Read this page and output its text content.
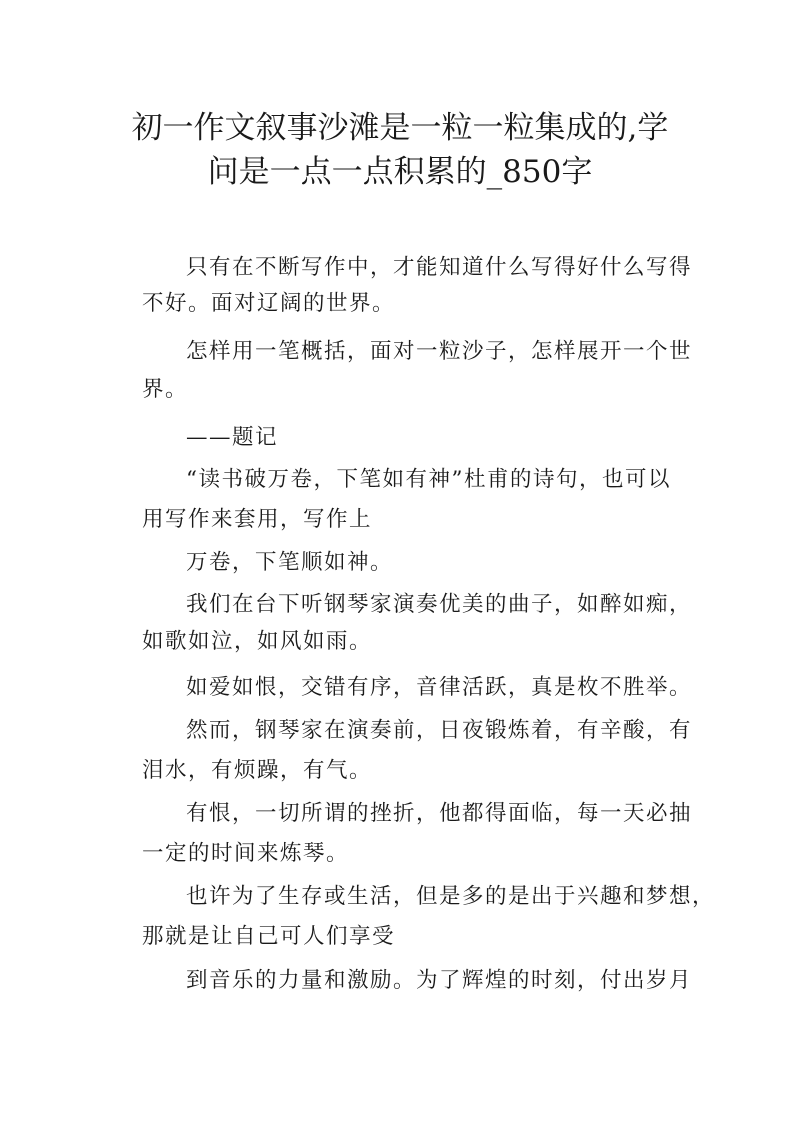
初一作文叙事沙滩是一粒一粒集成的,学
问是一点一点积累的_850字

只有在不断写作中，才能知道什么写得好什么写得

不好。面对辽阔的世界。

怎样用一笔概括，面对一粒沙子，怎样展开一个世

界。

——题记

“读书破万卷，下笔如有神”杜甫的诗句，也可以

用写作来套用，写作上

万卷，下笔顺如神。

我们在台下听钢琴家演奏优美的曲子，如醉如痴，

如歌如泣，如风如雨。

如爱如恨，交错有序，音律活跃，真是枚不胜举。

然而，钢琴家在演奏前，日夜锻炼着，有辛酸，有

泪水，有烦躁，有气。

有恨，一切所谓的挫折，他都得面临，每一天必抽

一定的时间来炼琴。

也许为了生存或生活，但是多的是出于兴趣和梦想，

那就是让自己可人们享受

到音乐的力量和激励。为了辉煌的时刻，付出岁月
